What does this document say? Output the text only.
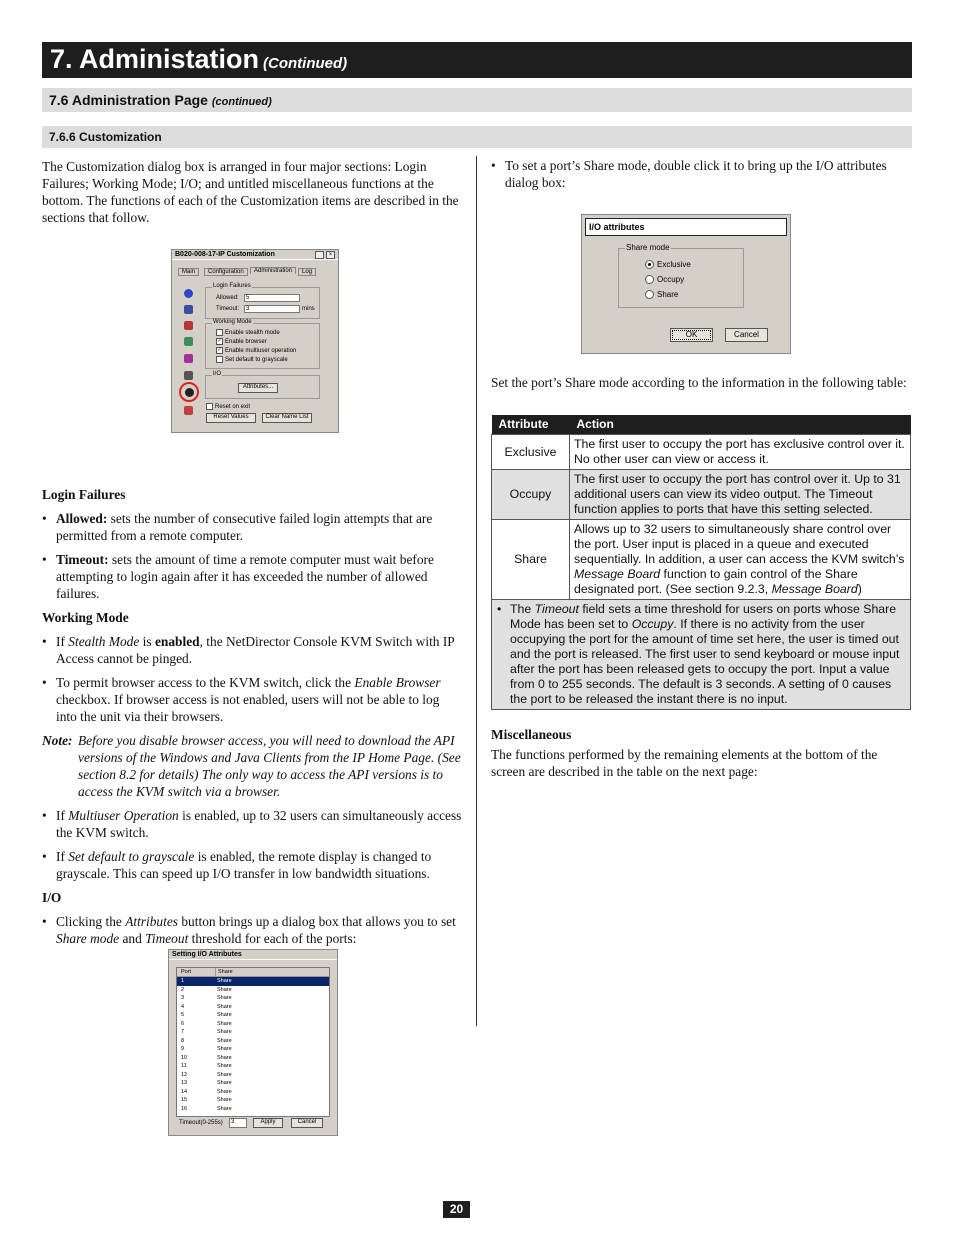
7. Administation (Continued)
7.6 Administration Page (continued)
7.6.6 Customization

The Customization dialog box is arranged in four major sections: Login Failures; Working Mode; I/O; and untitled miscellaneous functions at the bottom. The functions of each of the Customization items are described in the sections that follow.

B020-008-17-IP Customization	×
Main	Configuration	Administration	Log
Login Failures
Allowed:	5
Timeout:	3	mins
Working Mode
Enable stealth mode
✓ Enable browser
✓ Enable multiuser operation
Set default to grayscale
I/O
Attributes...
Reset on exit
Reset Values	Clear Name List

Login Failures

• Allowed: sets the number of consecutive failed login attempts that are permitted from a remote computer.

• Timeout: sets the amount of time a remote computer must wait before attempting to login again after it has exceeded the number of allowed failures.

Working Mode

• If Stealth Mode is enabled, the NetDirector Console KVM Switch with IP Access cannot be pinged.

• To permit browser access to the KVM switch, click the Enable Browser checkbox. If browser access is not enabled, users will not be able to log into the unit via their browsers.

Note: Before you disable browser access, you will need to download the API versions of the Windows and Java Clients from the IP Home Page. (See section 8.2 for details) The only way to access the API versions is to access the KVM switch via a browser.

• If Multiuser Operation is enabled, up to 32 users can simultaneously access the KVM switch.

• If Set default to grayscale is enabled, the remote display is changed to grayscale. This can speed up I/O transfer in low bandwidth situations.

I/O

• Clicking the Attributes button brings up a dialog box that allows you to set Share mode and Timeout threshold for each of the ports:

Setting I/O Attributes
Port	Share
1	Share
2	Share
3	Share
4	Share
5	Share
6	Share
7	Share
8	Share
9	Share
10	Share
11	Share
12	Share
13	Share
14	Share
15	Share
16	Share
Timeout(0-255s)	3	Apply	Cancel

• To set a port’s Share mode, double click it to bring up the I/O attributes dialog box:

I/O attributes
Share mode
Exclusive
Occupy
Share
OK	Cancel

Set the port’s Share mode according to the information in the following table:

Attribute	Action
Exclusive	The first user to occupy the port has exclusive control over it. No other user can view or access it.
Occupy	The first user to occupy the port has control over it. Up to 31 additional users can view its video output. The Timeout function applies to ports that have this setting selected.
Share	Allows up to 32 users to simultaneously share control over the port. User input is placed in a queue and executed sequentially. In addition, a user can access the KVM switch’s Message Board function to gain control of the Share designated port. (See section 9.2.3, Message Board)

• The Timeout field sets a time threshold for users on ports whose Share Mode has been set to Occupy. If there is no activity from the user occupying the port for the amount of time set here, the user is timed out and the port is released. The first user to send keyboard or mouse input after the port has been released gets to occupy the port. Input a value from 0 to 255 seconds. The default is 3 seconds. A setting of 0 causes the port to be released the instant there is no input.	

Miscellaneous

The functions performed by the remaining elements at the bottom of the screen are described in the table on the next page:

20
